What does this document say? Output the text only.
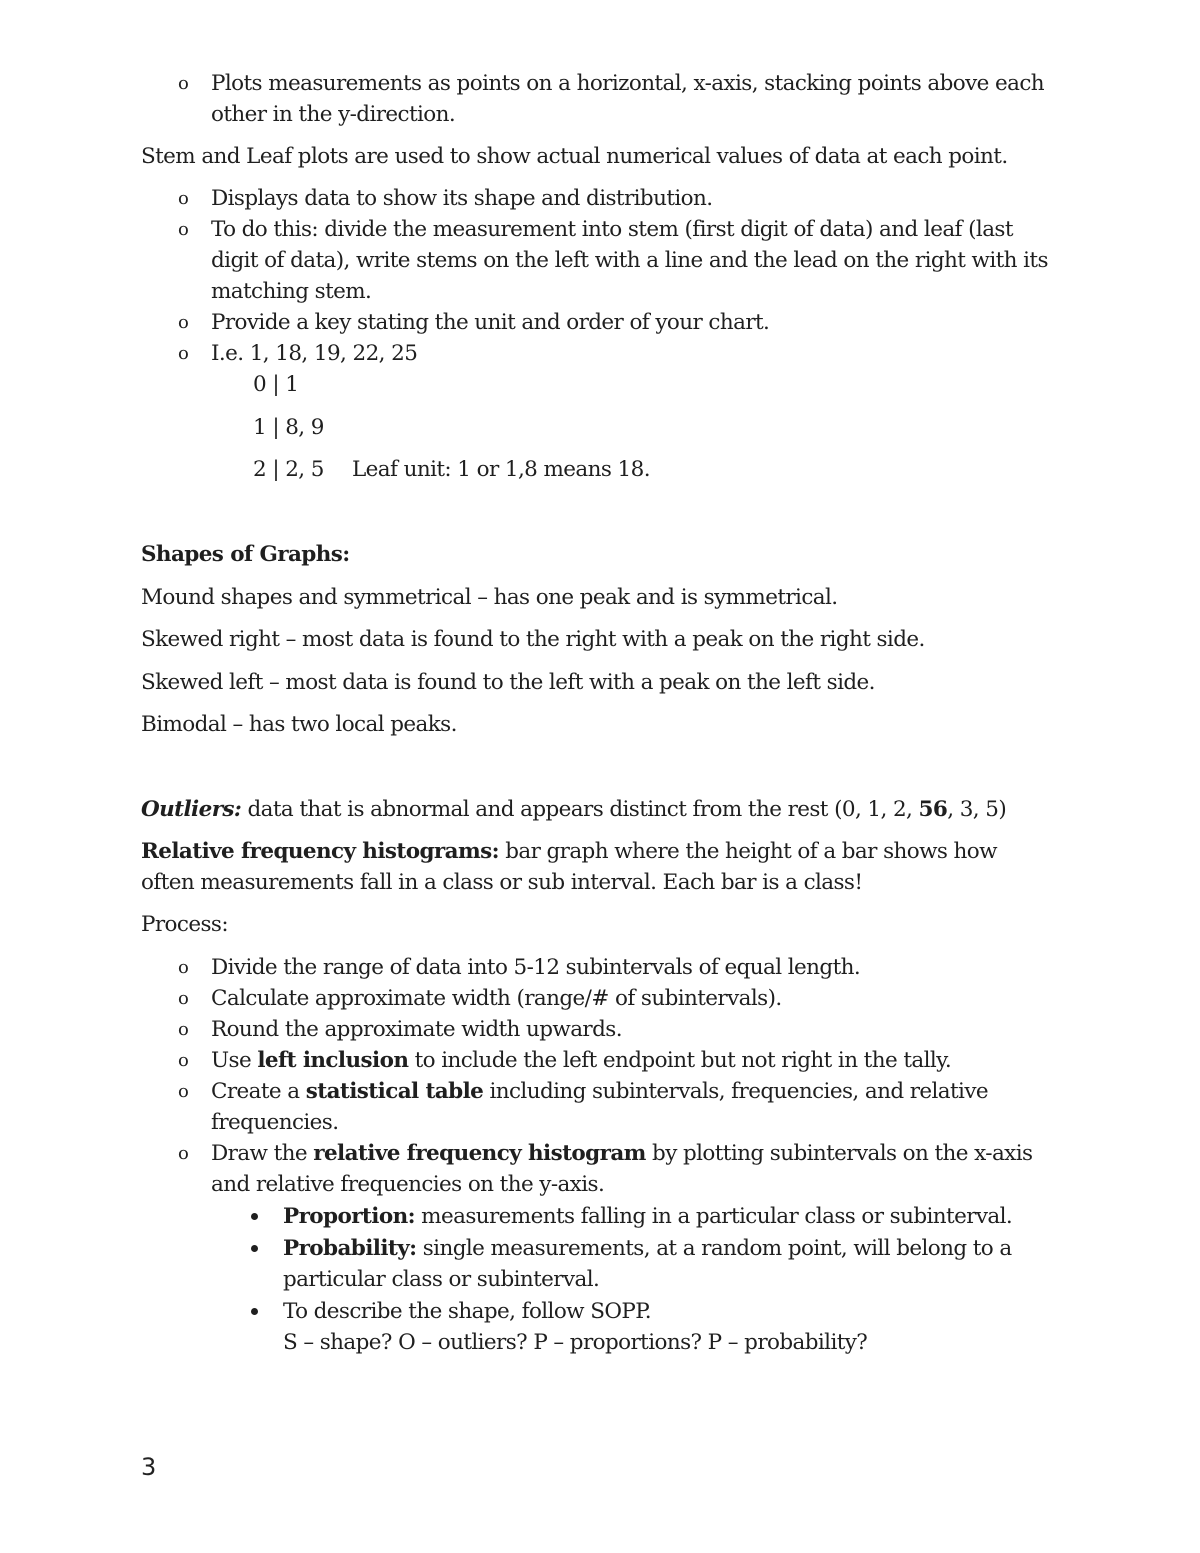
o Plots measurements as points on a horizontal, x-axis, stacking points above each
other in the y-direction.
Stem and Leaf plots are used to show actual numerical values of data at each point.
o Displays data to show its shape and distribution.
o To do this: divide the measurement into stem (first digit of data) and leaf (last
digit of data), write stems on the left with a line and the lead on the right with its
matching stem.
o Provide a key stating the unit and order of your chart.
o I.e. 1, 18, 19, 22, 25
0 | 1
1 | 8, 9
2 | 2, 5 Leaf unit: 1 or 1,8 means 18.
Shapes of Graphs:
Mound shapes and symmetrical – has one peak and is symmetrical.
Skewed right – most data is found to the right with a peak on the right side.
Skewed left – most data is found to the left with a peak on the left side.
Bimodal – has two local peaks.
Outliers: data that is abnormal and appears distinct from the rest (0, 1, 2, 56, 3, 5)
Relative frequency histograms: bar graph where the height of a bar shows how
often measurements fall in a class or sub interval. Each bar is a class!
Process:
o Divide the range of data into 5-12 subintervals of equal length.
o Calculate approximate width (range/# of subintervals).
o Round the approximate width upwards.
o Use left inclusion to include the left endpoint but not right in the tally.
o Create a statistical table including subintervals, frequencies, and relative
frequencies.
o Draw the relative frequency histogram by plotting subintervals on the x-axis
and relative frequencies on the y-axis.
Proportion: measurements falling in a particular class or subinterval.
Probability: single measurements, at a random point, will belong to a
particular class or subinterval.
To describe the shape, follow SOPP.
S – shape? O – outliers? P – proportions? P – probability?
3
